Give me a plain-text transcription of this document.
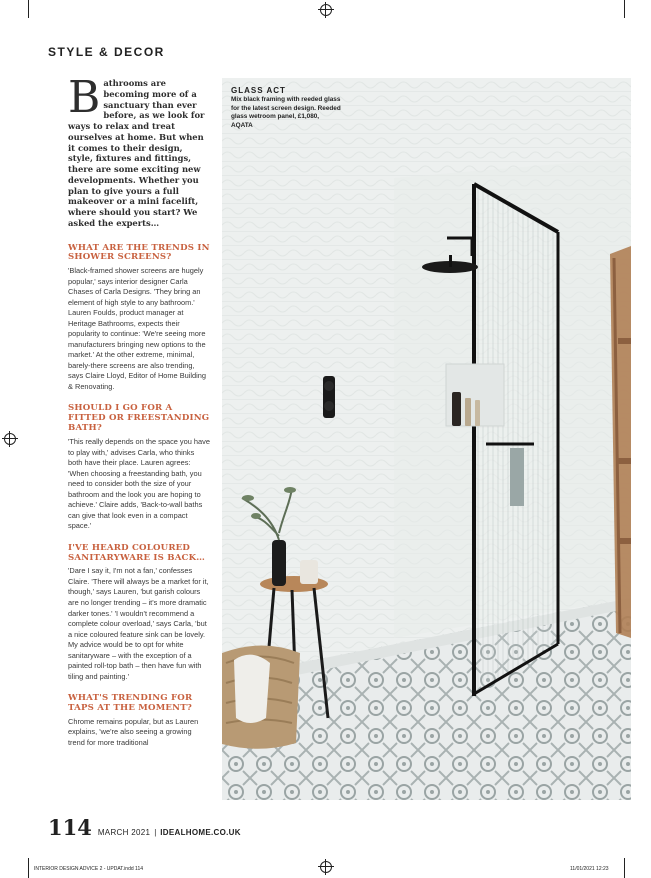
STYLE & DECOR

Bathrooms are becoming more of a sanctuary than ever before, as we look for ways to relax and treat ourselves at home. But when it comes to their design, style, fixtures and fittings, there are some exciting new developments. Whether you plan to give yours a full makeover or a mini facelift, where should you start? We asked the experts…

WHAT ARE THE TRENDS IN SHOWER SCREENS?

'Black-framed shower screens are hugely popular,' says interior designer Carla Chases of Carla Designs. 'They bring an element of high style to any bathroom.' Lauren Foulds, product manager at Heritage Bathrooms, expects their popularity to continue: 'We're seeing more manufacturers bringing new options to the market.' At the other extreme, minimal, barely-there screens are also trending, says Claire Lloyd, Editor of Home Building & Renovating.

SHOULD I GO FOR A FITTED OR FREESTANDING BATH?

'This really depends on the space you have to play with,' advises Carla, who thinks both have their place. Lauren agrees: 'When choosing a freestanding bath, you need to consider both the size of your bathroom and the look you are hoping to achieve.' Claire adds, 'Back-to-wall baths can give that look even in a compact space.'

I'VE HEARD COLOURED SANITARYWARE IS BACK…

'Dare I say it, I'm not a fan,' confesses Claire. 'There will always be a market for it, though,' says Lauren, 'but garish colours are no longer trending – it's more dramatic darker tones.' 'I wouldn't recommend a complete colour overload,' says Carla, 'but a nice coloured feature sink can be lovely. My advice would be to opt for white sanitaryware – with the exception of a painted roll-top bath – then have fun with tiling and painting.'

WHAT'S TRENDING FOR TAPS AT THE MOMENT?

Chrome remains popular, but as Lauren explains, 'we're also seeing a growing trend for more traditional

GLASS ACT

Mix black framing with reeded glass for the latest screen design. Reeded glass wetroom panel, £1,080, AQATA

114 MARCH 2021 | IDEALHOME.CO.UK
INTERIOR DESIGN ADVICE 2 - UPDAT.indd 114	11/01/2021 12:23
